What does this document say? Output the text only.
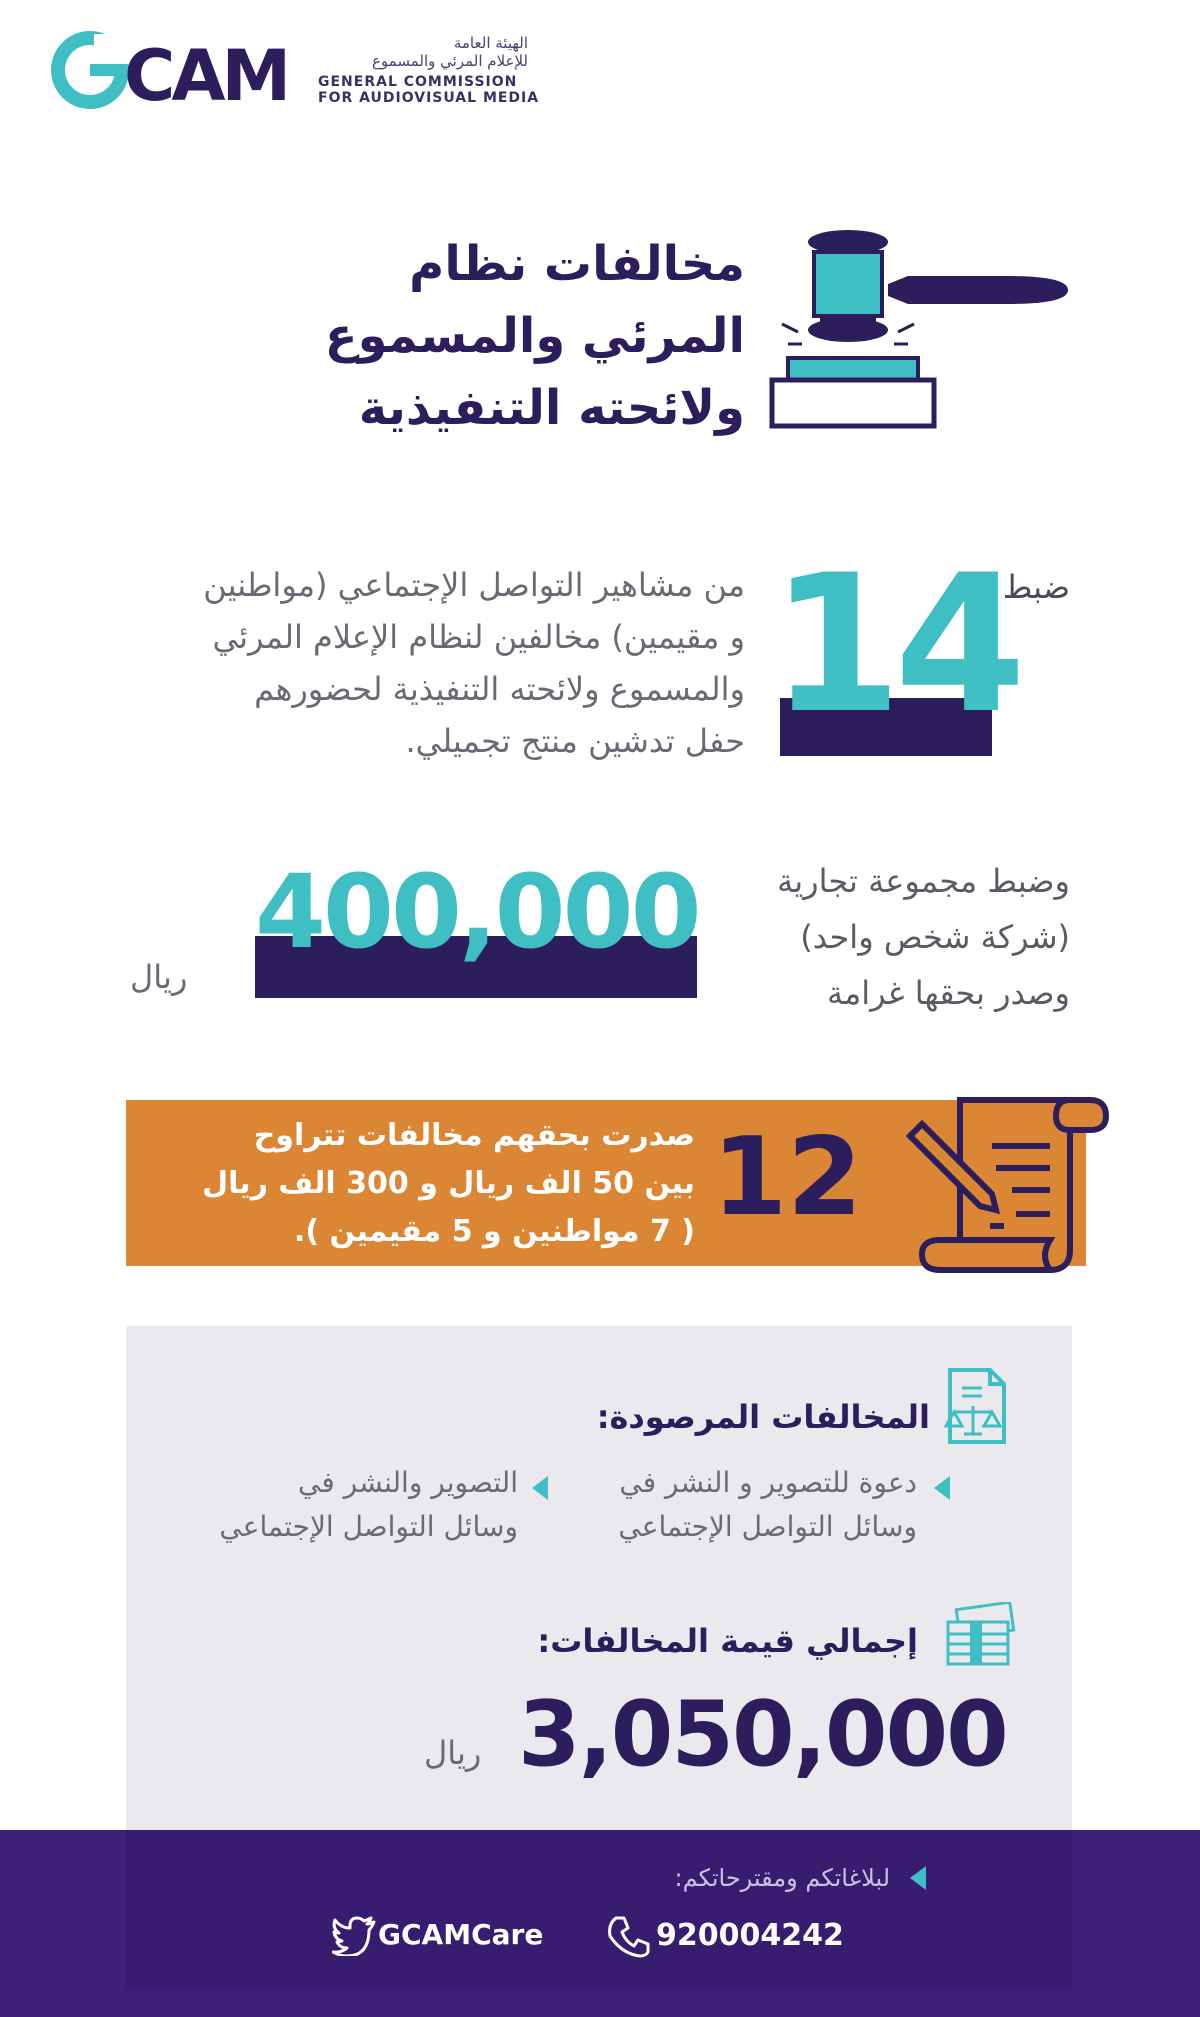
CAM	الهيئة العامة
للإعلام المرئي والمسموع
GENERAL COMMISSION
FOR AUDIOVISUAL MEDIA
مخالفات نظام
المرئي والمسموع
ولائحته التنفيذية
14
ضبط
من مشاهير التواصل الإجتماعي (مواطنين
و مقيمين) مخالفين لنظام الإعلام المرئي
والمسموع ولائحته التنفيذية لحضورهم
حفل تدشين منتج تجميلي.
400,000
ريال
وضبط مجموعة تجارية
(شركة شخص واحد)
وصدر بحقها غرامة
12
صدرت بحقهم مخالفات تتراوح
بين 50 الف ريال و 300 الف ريال
( 7 مواطنين و 5 مقيمين ).
المخالفات المرصودة:
دعوة للتصوير و النشر في
وسائل التواصل الإجتماعي
التصوير والنشر في
وسائل التواصل الإجتماعي
إجمالي قيمة المخالفات:
3,050,000
ريال
لبلاغاتكم ومقترحاتكم:
920004242
GCAMCare
